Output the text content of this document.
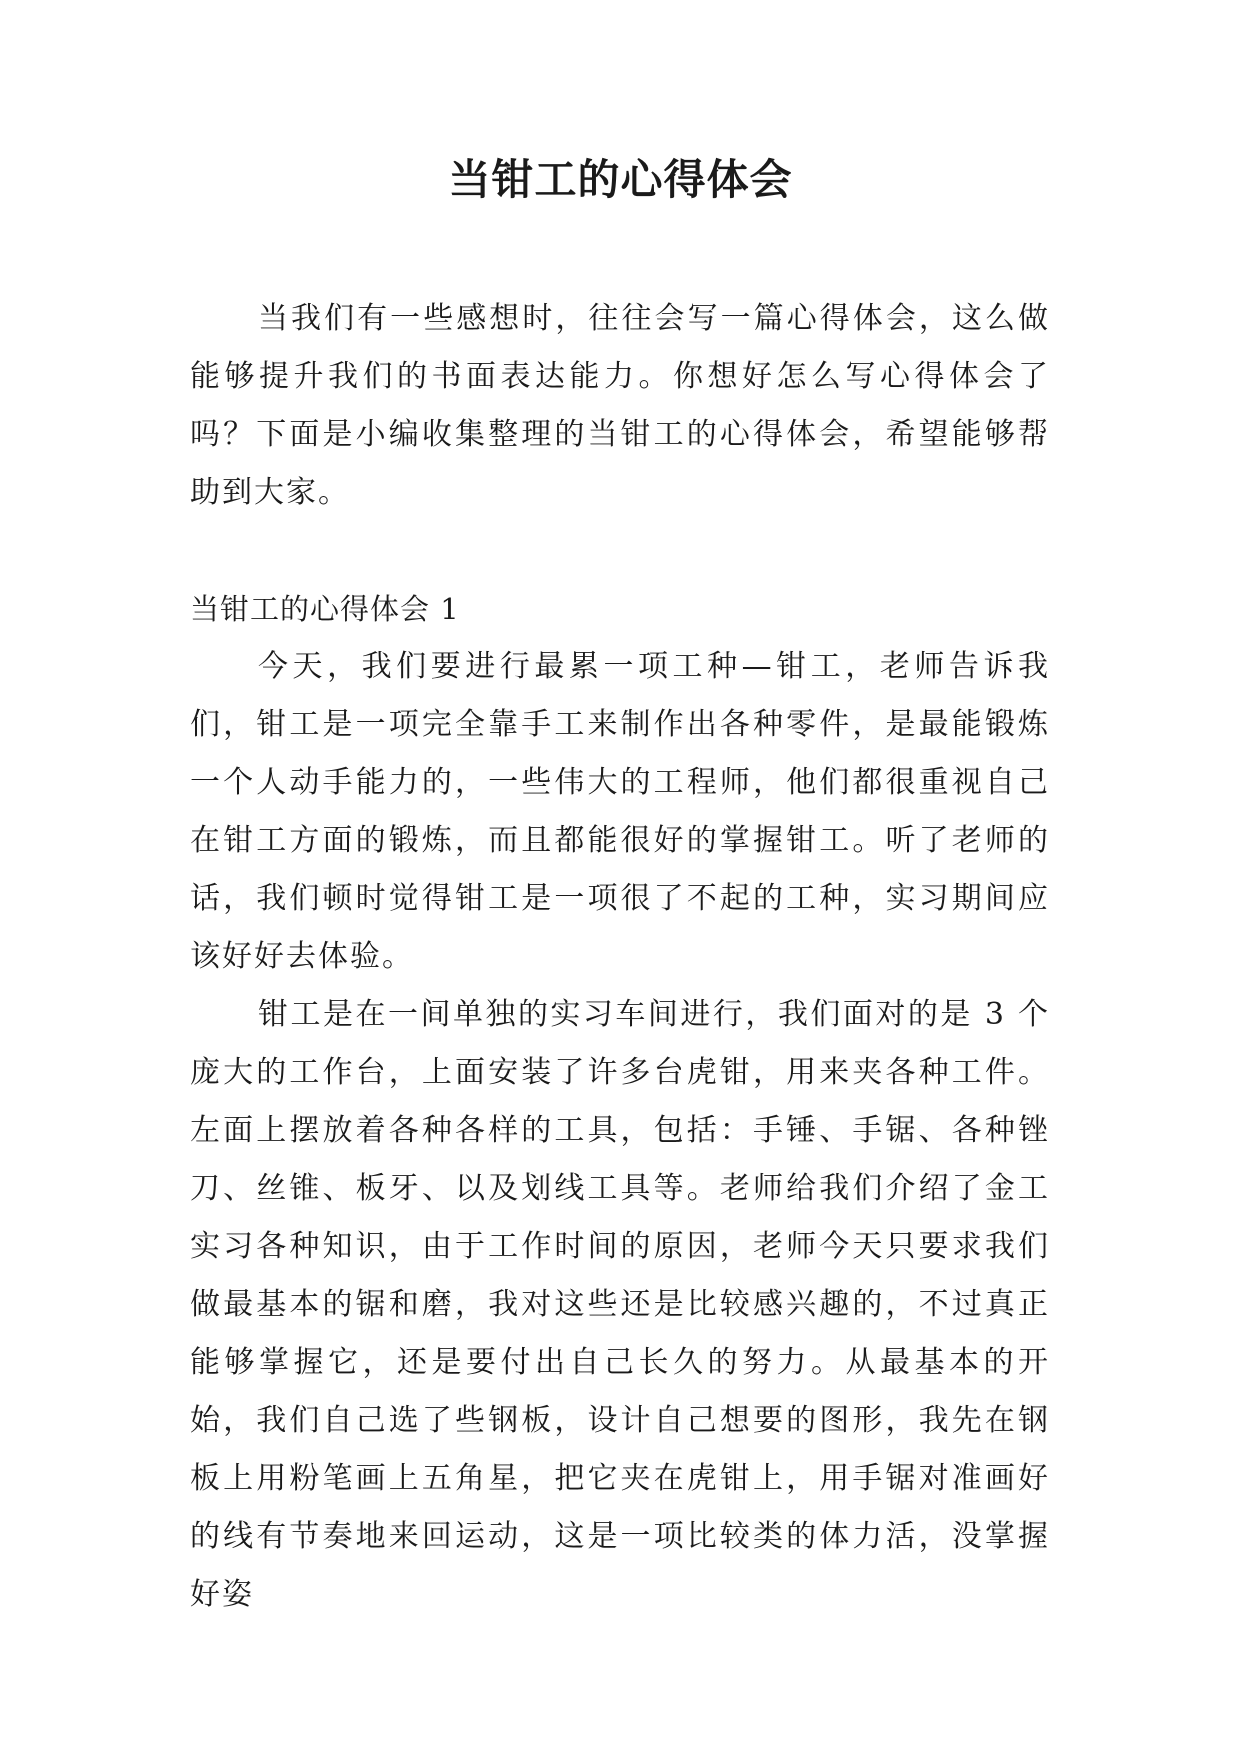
当钳工的心得体会

当我们有一些感想时，往往会写一篇心得体会，这么做能够提升我们的书面表达能力。你想好怎么写心得体会了吗？下面是小编收集整理的当钳工的心得体会，希望能够帮助到大家。

当钳工的心得体会 1

今天，我们要进行最累一项工种—钳工，老师告诉我们，钳工是一项完全靠手工来制作出各种零件，是最能锻炼一个人动手能力的，一些伟大的工程师，他们都很重视自己在钳工方面的锻炼，而且都能很好的掌握钳工。听了老师的话，我们顿时觉得钳工是一项很了不起的工种，实习期间应该好好去体验。

钳工是在一间单独的实习车间进行，我们面对的是 3 个庞大的工作台，上面安装了许多台虎钳，用来夹各种工件。左面上摆放着各种各样的工具，包括：手锤、手锯、各种锉刀、丝锥、板牙、以及划线工具等。老师给我们介绍了金工实习各种知识，由于工作时间的原因，老师今天只要求我们做最基本的锯和磨，我对这些还是比较感兴趣的，不过真正能够掌握它，还是要付出自己长久的努力。从最基本的开始，我们自己选了些钢板，设计自己想要的图形，我先在钢板上用粉笔画上五角星，把它夹在虎钳上，用手锯对准画好的线有节奏地来回运动，这是一项比较类的体力活，没掌握好姿
